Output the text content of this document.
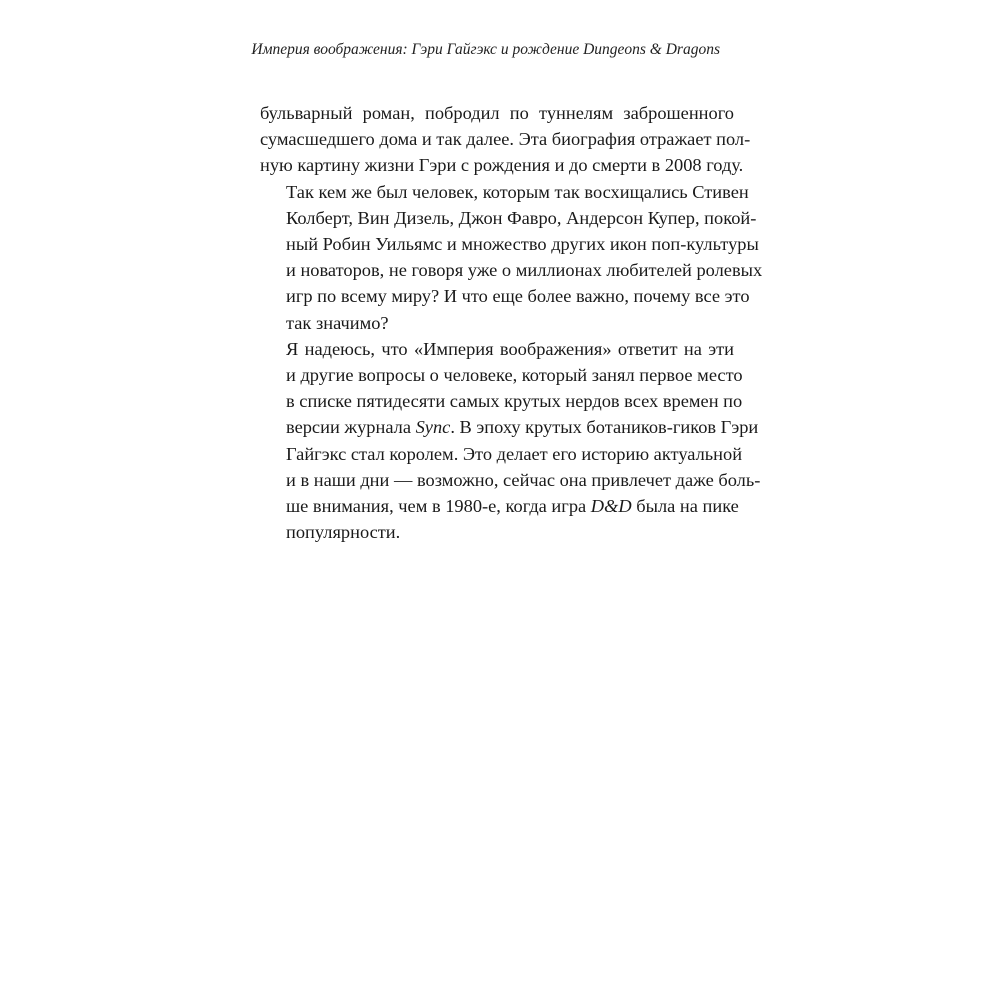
Империя воображения: Гэри Гайгэкс и рождение Dungeons & Dragons

бульварный роман, побродил по туннелям заброшенного
сумасшедшего дома и так далее. Эта биография отражает пол-
ную картину жизни Гэри с рождения и до смерти в 2008 году.

Так кем же был человек, которым так восхищались Стивен
Колберт, Вин Дизель, Джон Фавро, Андерсон Купер, покой-
ный Робин Уильямс и множество других икон поп-культуры
и новаторов, не говоря уже о миллионах любителей ролевых
игр по всему миру? И что еще более важно, почему все это
так значимо?

Я надеюсь, что «Империя воображения» ответит на эти
и другие вопросы о человеке, который занял первое место
в списке пятидесяти самых крутых нердов всех времен по
версии журнала Sync. В эпоху крутых ботаников-гиков Гэри
Гайгэкс стал королем. Это делает его историю актуальной
и в наши дни — возможно, сейчас она привлечет даже боль-
ше внимания, чем в 1980-е, когда игра D&D была на пике
популярности.
